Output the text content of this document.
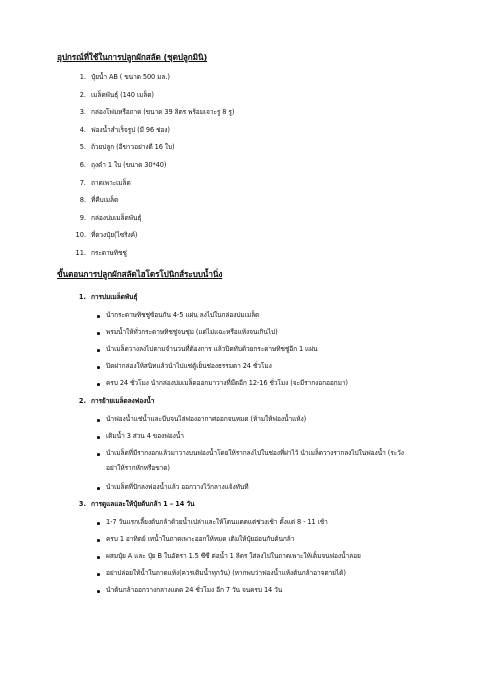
อุปกรณ์ที่ใช้ในการปลูกผักสลัด (ชุดปลูกมินิ)
1. ปุ๋ยน้ำ AB ( ขนาด 500 มล.)
2. เมล็ดพันธุ์ (140 เมล็ด)
3. กล่องโฟมหรือถาด (ขนาด 39 ลิตร พร้อมเจาะรู 8 รู)
4. ฟองน้ำสำเร็จรูป (มี 96 ช่อง)
5. ถ้วยปลูก (อีขาวอย่างดี 16 ใบ)
6. ถุงดำ 1 ใบ (ขนาด 30*40)
7. ถาดเพาะเมล็ด
8. ที่คีบเมล็ด
9. กล่องบ่มเมล็ดพันธุ์
10. ที่ตวงปุ๋ย(ไซริงค์)
11. กระดาษทิชชู่
ขั้นตอนการปลูกผักสลัดไฮโดรโปนิกส์ระบบน้ำนิ่ง
1. การบ่มเมล็ดพันธุ์
นำกระดาษทิชชู่ซ้อนกัน 4-5 แผ่น ลงไปในกล่องบ่มเมล็ด
พรมน้ำให้ทั่วกระดาษทิชชู่จนชุ่ม (แต่ไม่แฉะหรือแห้งจนเกินไป)
นำเมล็ดวางลงไปตามจำนวนที่ต้องการ แล้วปิดทับด้วยกระดาษทิชชู่อีก 1 แผ่น
ปิดฝากล่องให้สนิทแล้วนำไปแช่ตู้เย็นช่องธรรมดา 24 ชั่วโมง
ครบ 24 ชั่วโมง นำกล่องบ่มเมล็ดออกมาวางที่มืดอีก 12-16 ชั่วโมง (จะมีรากงอกออกมา)
2. การย้ายเมล็ดลงฟองน้ำ
นำฟองน้ำแช่น้ำและบีบจนไล่ฟองอากาศออกจนหมด (ห้ามให้ฟองน้ำแห้ง)
เติมน้ำ 3 ส่วน 4 ของฟองน้ำ
นำเมล็ดที่มีรากงอกแล้วมาวางบนฟองน้ำโดยให้รากลงไปในช่องที่ผ่าไว้ นำเมล็ดวางรากลงไปในฟองน้ำ (ระวัง
อย่าให้รากหักหรือขาด)
นำเมล็ดที่ปักลงฟองน้ำแล้ว ออกวางไว้กลางแจ้งทันที
3. การดูแลและให้ปุ๋ยต้นกล้า 1 – 14 วัน
1-7 วันแรกเลี้ยงต้นกล้าด้วยน้ำเปล่าและให้โดนแดดแต่ช่วงเช้า ตั้งแต่ 8 - 11 เช้า
ครบ 1 อาทิตย์ เทน้ำในถาดเพาะออกให้หมด เติมให้ปุ๋ยอ่อนกับต้นกล้า
ผสมปุ๋ย A และ ปุ๋ย B ในอัตรา 1.5 ซีซี ต่อน้ำ 1 ลิตร ใส่ลงไปในถาดเพาะให้เต็มจนฟองน้ำลอย
อย่าปล่อยให้น้ำในถาดแห้ง(ควรเติมน้ำทุกวัน) (หากพบว่าฟองน้ำแห้งต้นกล้าอาจตายได้)
นำต้นกล้าออกวางกลางแดด 24 ชั่วโมง อีก 7 วัน จนครบ 14 วัน
